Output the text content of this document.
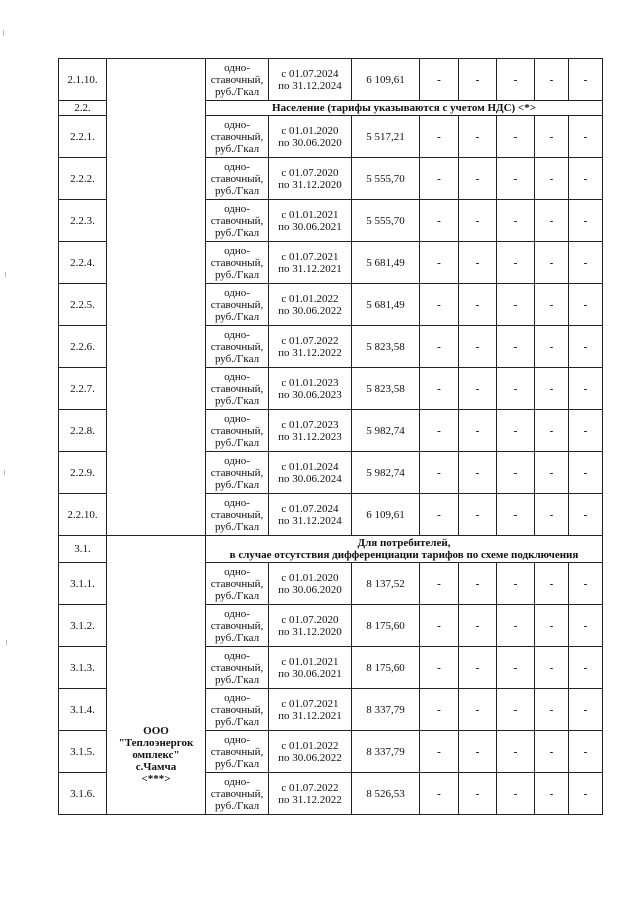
2.1.10.		одно-
ставочный,
руб./Гкал	с 01.07.2024
по 31.12.2024	6 109,61	-	-	-	-	-
2.2.		Население (тарифы указываются с учетом НДС) <*>							
2.2.1.		одно-
ставочный,
руб./Гкал	с 01.01.2020
по 30.06.2020	5 517,21	-	-	-	-	-
2.2.2.		одно-
ставочный,
руб./Гкал	с 01.07.2020
по 31.12.2020	5 555,70	-	-	-	-	-
2.2.3.		одно-
ставочный,
руб./Гкал	с 01.01.2021
по 30.06.2021	5 555,70	-	-	-	-	-
2.2.4.		одно-
ставочный,
руб./Гкал	с 01.07.2021
по 31.12.2021	5 681,49	-	-	-	-	-
2.2.5.		одно-
ставочный,
руб./Гкал	с 01.01.2022
по 30.06.2022	5 681,49	-	-	-	-	-
2.2.6.		одно-
ставочный,
руб./Гкал	с 01.07.2022
по 31.12.2022	5 823,58	-	-	-	-	-
2.2.7.		одно-
ставочный,
руб./Гкал	с 01.01.2023
по 30.06.2023	5 823,58	-	-	-	-	-
2.2.8.		одно-
ставочный,
руб./Гкал	с 01.07.2023
по 31.12.2023	5 982,74	-	-	-	-	-
2.2.9.		одно-
ставочный,
руб./Гкал	с 01.01.2024
по 30.06.2024	5 982,74	-	-	-	-	-
2.2.10.		одно-
ставочный,
руб./Гкал	с 01.07.2024
по 31.12.2024	6 109,61	-	-	-	-	-
3.1.	ООО
"Теплоэнергок
омплекс"
с.Чамча
<***>	Для потребителей,
в случае отсутствия дифференциации тарифов по схеме подключения							

3.1.1.		одно-
ставочный,
руб./Гкал	с 01.01.2020
по 30.06.2020	8 137,52	-	-	-	-	-
3.1.2.		одно-
ставочный,
руб./Гкал	с 01.07.2020
по 31.12.2020	8 175,60	-	-	-	-	-
3.1.3.		одно-
ставочный,
руб./Гкал	с 01.01.2021
по 30.06.2021	8 175,60	-	-	-	-	-
3.1.4.		одно-
ставочный,
руб./Гкал	с 01.07.2021
по 31.12.2021	8 337,79	-	-	-	-	-
3.1.5.		одно-
ставочный,
руб./Гкал	с 01.01.2022
по 30.06.2022	8 337,79	-	-	-	-	-
3.1.6.		одно-
ставочный,
руб./Гкал	с 01.07.2022
по 31.12.2022	8 526,53	-	-	-	-	-
